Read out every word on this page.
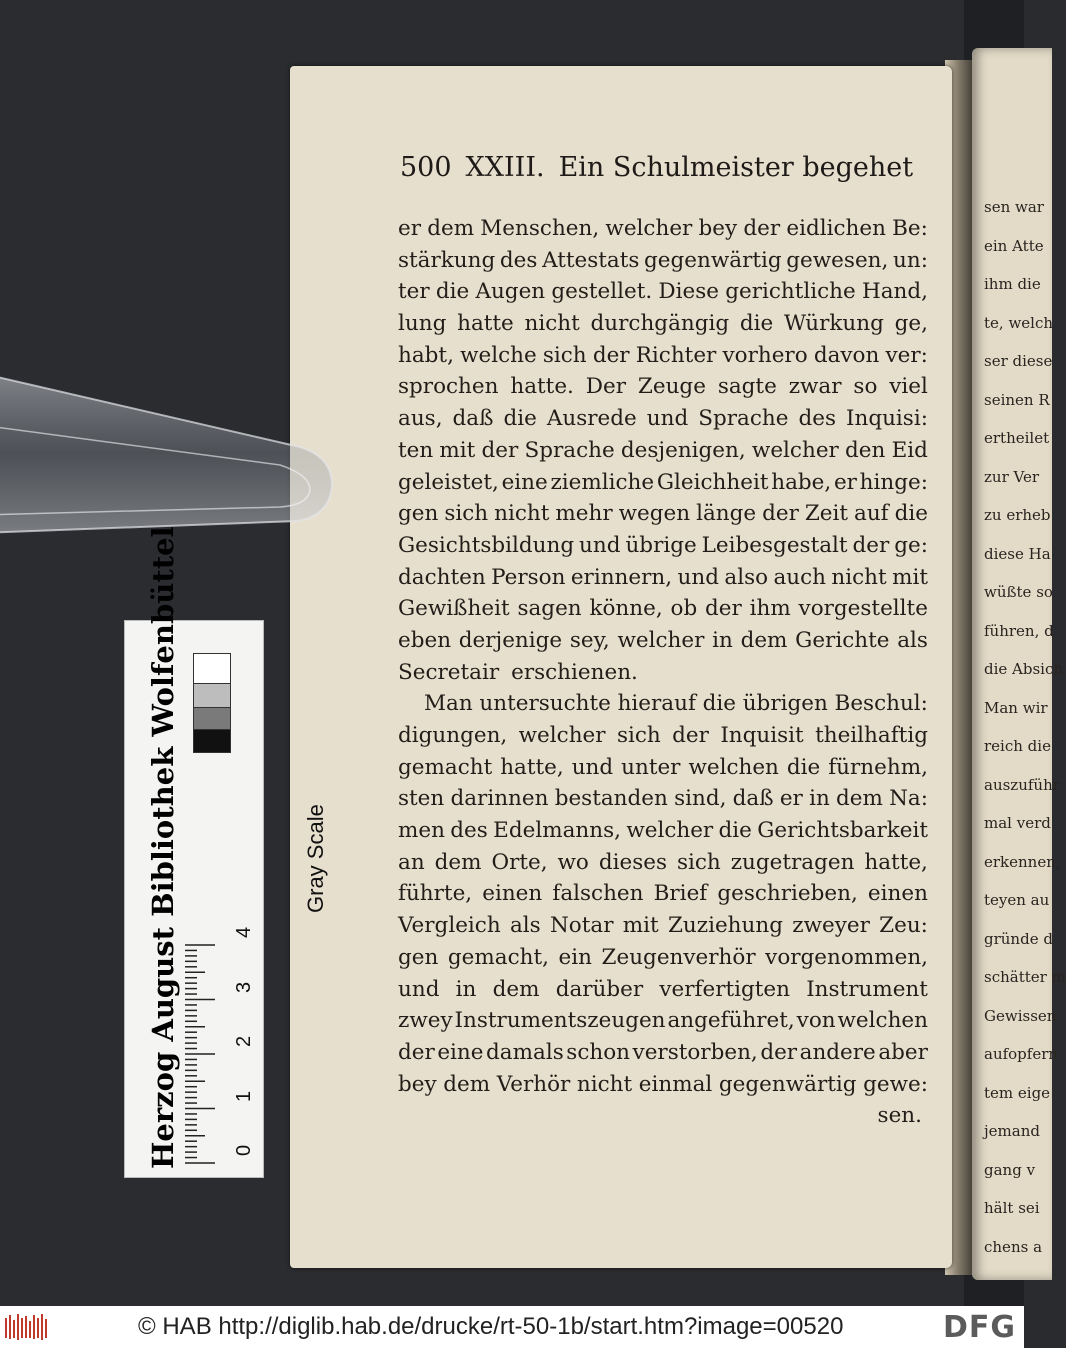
sen war
ein Atte
ihm die
te, welch
ser diese
seinen R
ertheilet
zur Ver
zu erheb
diese Ha
wüßte so
führen, d
die Absich
Man wir
reich die
auszuführ
mal verd
erkennen,
teyen au
gründe d
schätter m
Gewissen
aufopfern
tem eige
jemand
gang v
hält sei
chens a
500 XXIII. Ein Schulmeister begehet
er dem Menschen, welcher bey der eidlichen Be:
stärkung des Attestats gegenwärtig gewesen, un:
ter die Augen gestellet. Diese gerichtliche Hand,
lung hatte nicht durchgängig die Würkung ge,
habt, welche sich der Richter vorhero davon ver:
sprochen hatte. Der Zeuge sagte zwar so viel
aus, daß die Ausrede und Sprache des Inquisi:
ten mit der Sprache desjenigen, welcher den Eid
geleistet, eine ziemliche Gleichheit habe, er hinge:
gen sich nicht mehr wegen länge der Zeit auf die
Gesichtsbildung und übrige Leibesgestalt der ge:
dachten Person erinnern, und also auch nicht mit
Gewißheit sagen könne, ob der ihm vorgestellte
eben derjenige sey, welcher in dem Gerichte als
Secretair erschienen.
Man untersuchte hierauf die übrigen Beschul:
digungen, welcher sich der Inquisit theilhaftig
gemacht hatte, und unter welchen die fürnehm,
sten darinnen bestanden sind, daß er in dem Na:
men des Edelmanns, welcher die Gerichtsbarkeit
an dem Orte, wo dieses sich zugetragen hatte,
führte, einen falschen Brief geschrieben, einen
Vergleich als Notar mit Zuziehung zweyer Zeu:
gen gemacht, ein Zeugenverhör vorgenommen,
und in dem darüber verfertigten Instrument
zwey Instrumentszeugen angeführet, von welchen
der eine damals schon verstorben, der andere aber
bey dem Verhör nicht einmal gegenwärtig gewe:
sen.
Herzog August Bibliothek Wolfenbüttel	Gray Scale
0
1
2
3
4
© HAB http://diglib.hab.de/drucke/rt-50-1b/start.htm?image=00520	DFG
